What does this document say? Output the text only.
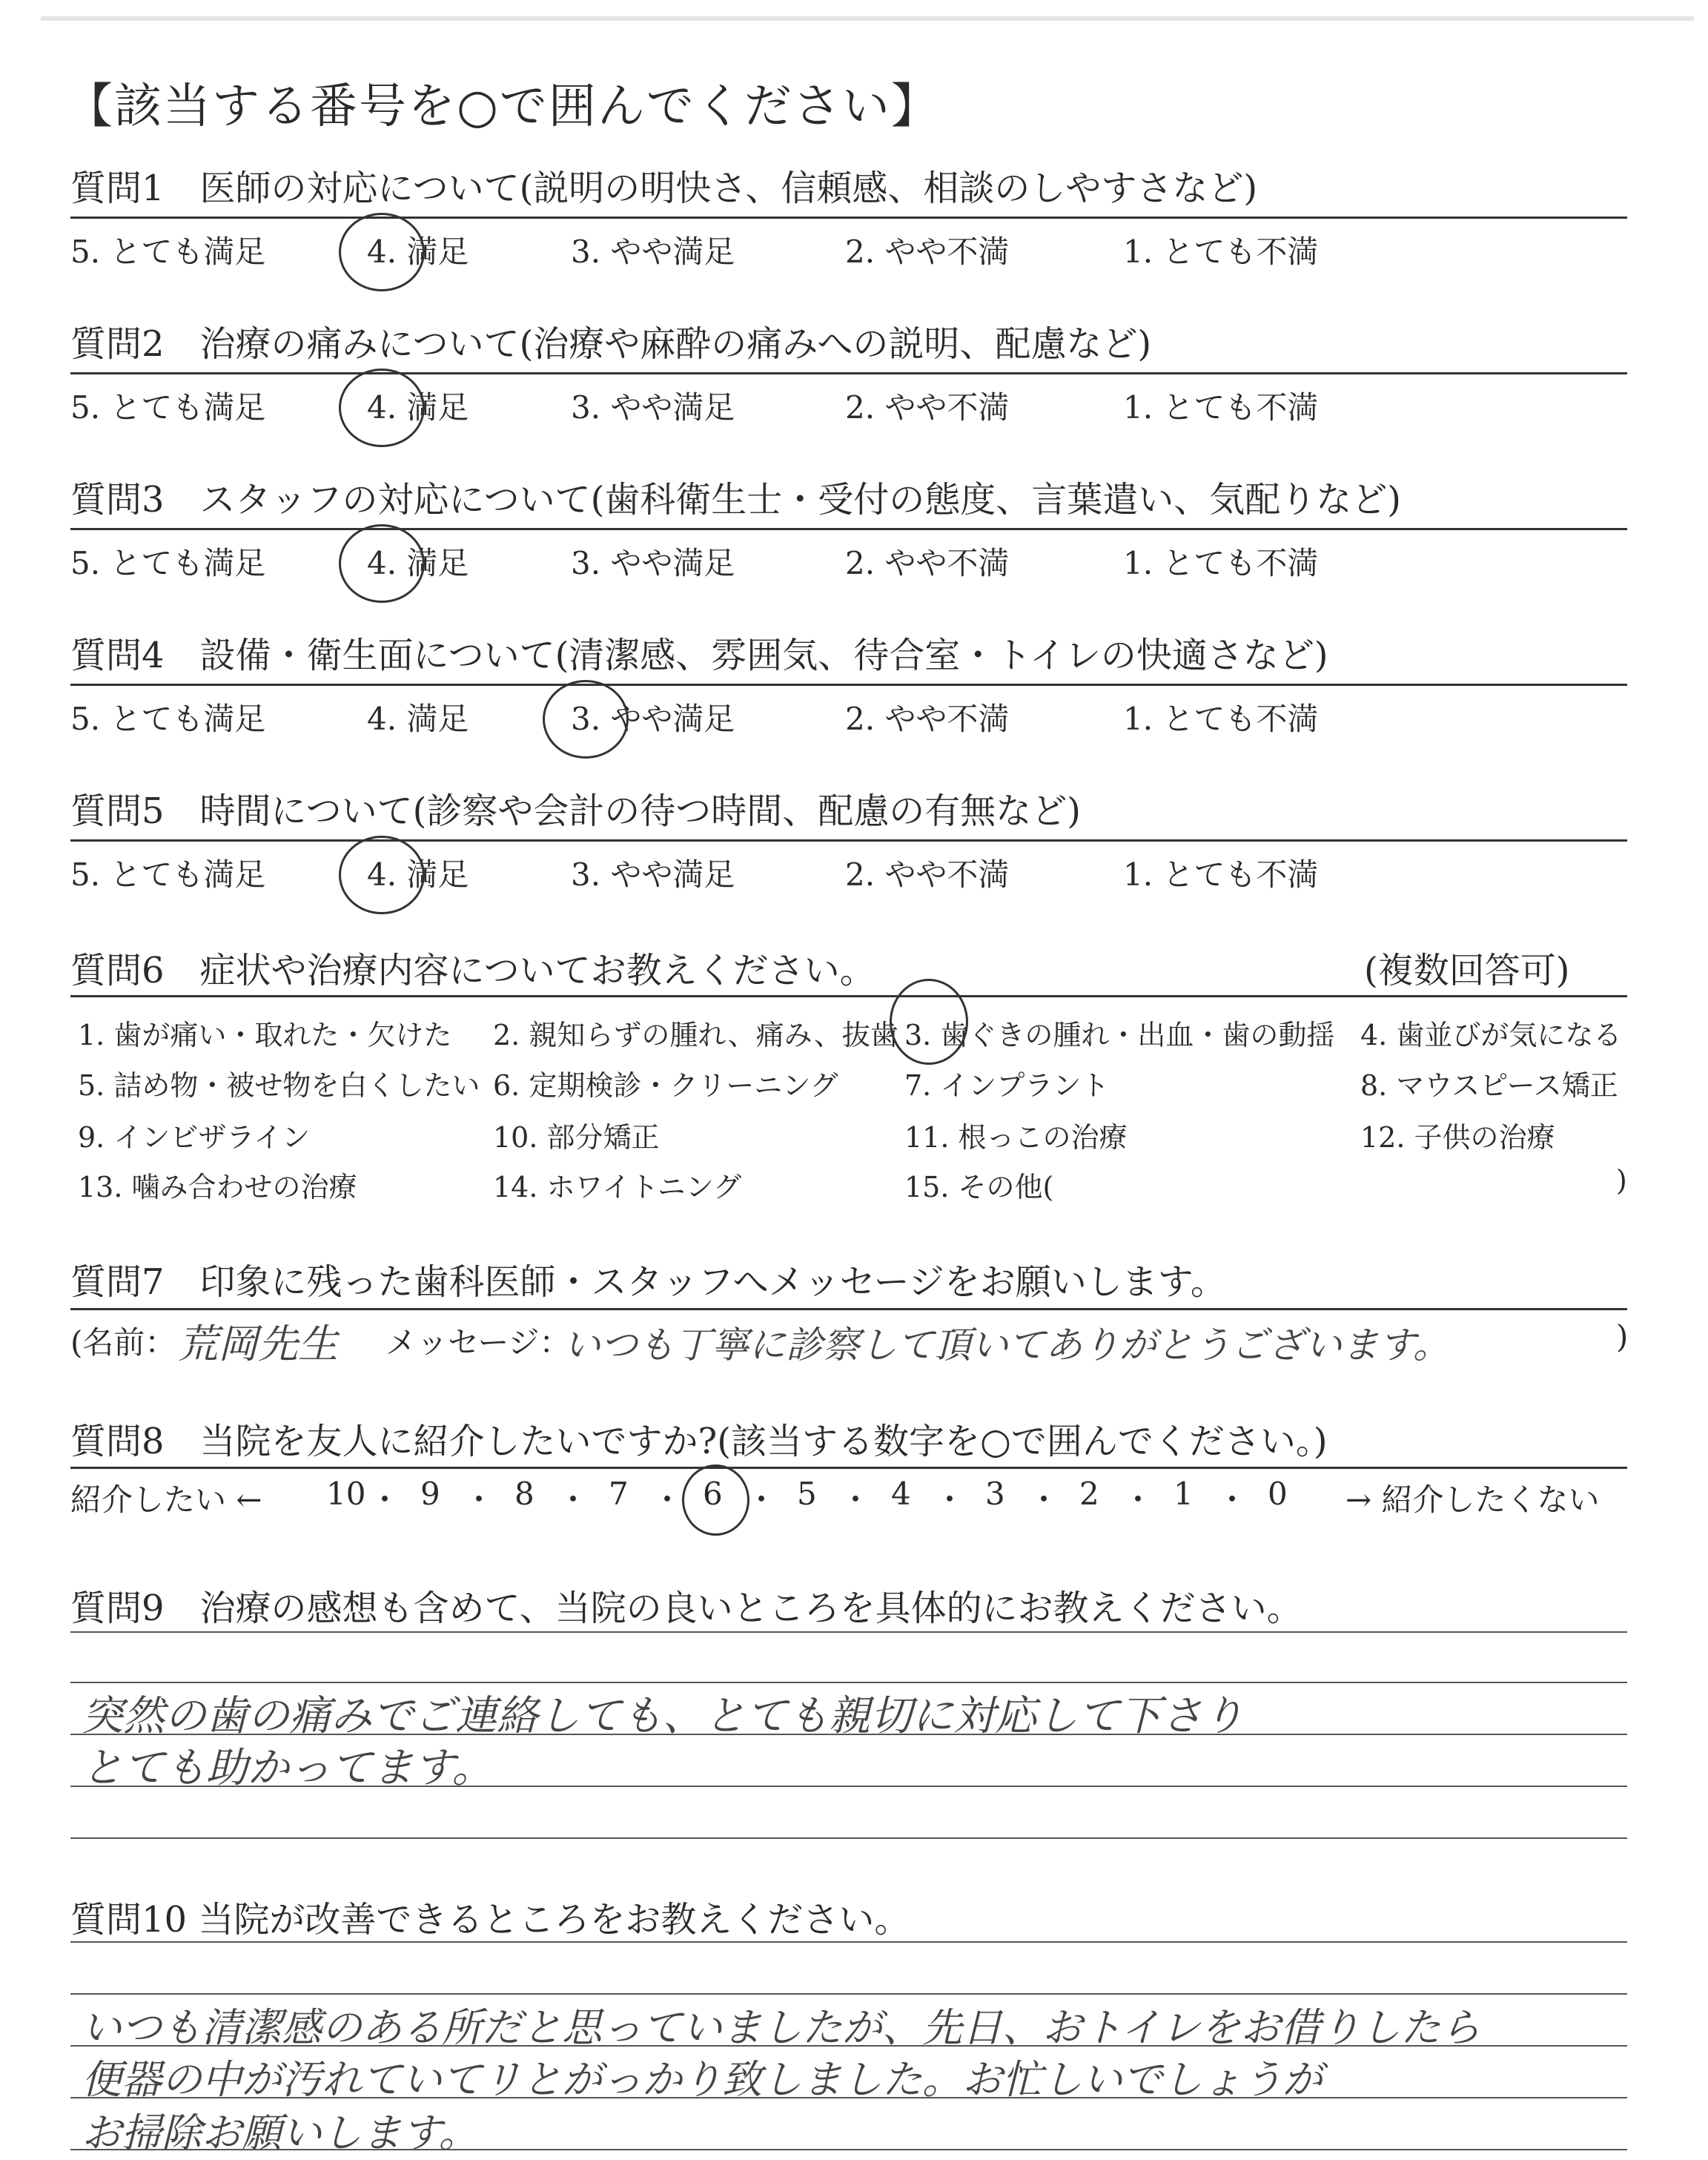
【該当する番号を○で囲んでください】
質問1　医師の対応について(説明の明快さ、信頼感、相談のしやすさなど)
5. とても満足	4. 満足	3. やや満足	2. やや不満	1. とても不満
質問2　治療の痛みについて(治療や麻酔の痛みへの説明、配慮など)
5. とても満足	4. 満足	3. やや満足	2. やや不満	1. とても不満
質問3　スタッフの対応について(歯科衛生士・受付の態度、言葉遣い、気配りなど)
5. とても満足	4. 満足	3. やや満足	2. やや不満	1. とても不満
質問4　設備・衛生面について(清潔感、雰囲気、待合室・トイレの快適さなど)
5. とても満足	4. 満足	3. やや満足	2. やや不満	1. とても不満
質問5　時間について(診察や会計の待つ時間、配慮の有無など)
5. とても満足	4. 満足	3. やや満足	2. やや不満	1. とても不満
質問6　症状や治療内容についてお教えください。	(複数回答可)
1. 歯が痛い・取れた・欠けた 2. 親知らずの腫れ、痛み、抜歯 3. 歯ぐきの腫れ・出血・歯の動揺 4. 歯並びが気になる
5. 詰め物・被せ物を白くしたい 6. 定期検診・クリーニング 7. インプラント	8. マウスピース矯正
9. インビザライン	10. 部分矯正	11. 根っこの治療	12. 子供の治療
13. 噛み合わせの治療	14. ホワイトニング	15. その他(	)
質問7　印象に残った歯科医師・スタッフへメッセージをお願いします。
(名前： 荒岡先生 メッセージ：
いつも丁寧に診察して頂いてありがとうございます。	)
質問8　当院を友人に紹介したいですか?(該当する数字を○で囲んでください。)
紹介したい ← 10 ・ 9 ・ 8 ・ 7 ・ 6 ・ 5 ・ 4 ・ 3 ・ 2 ・ 1 ・ 0 → 紹介したくない
質問9　治療の感想も含めて、当院の良いところを具体的にお教えください。
突然の歯の痛みでご連絡しても、とても親切に対応して下さり
とても助かってます。
質問10 当院が改善できるところをお教えください。
いつも清潔感のある所だと思っていましたが、先日、おトイレをお借りしたら
便器の中が汚れていてリとがっかり致しました。お忙しいでしょうが
お掃除お願いします。
